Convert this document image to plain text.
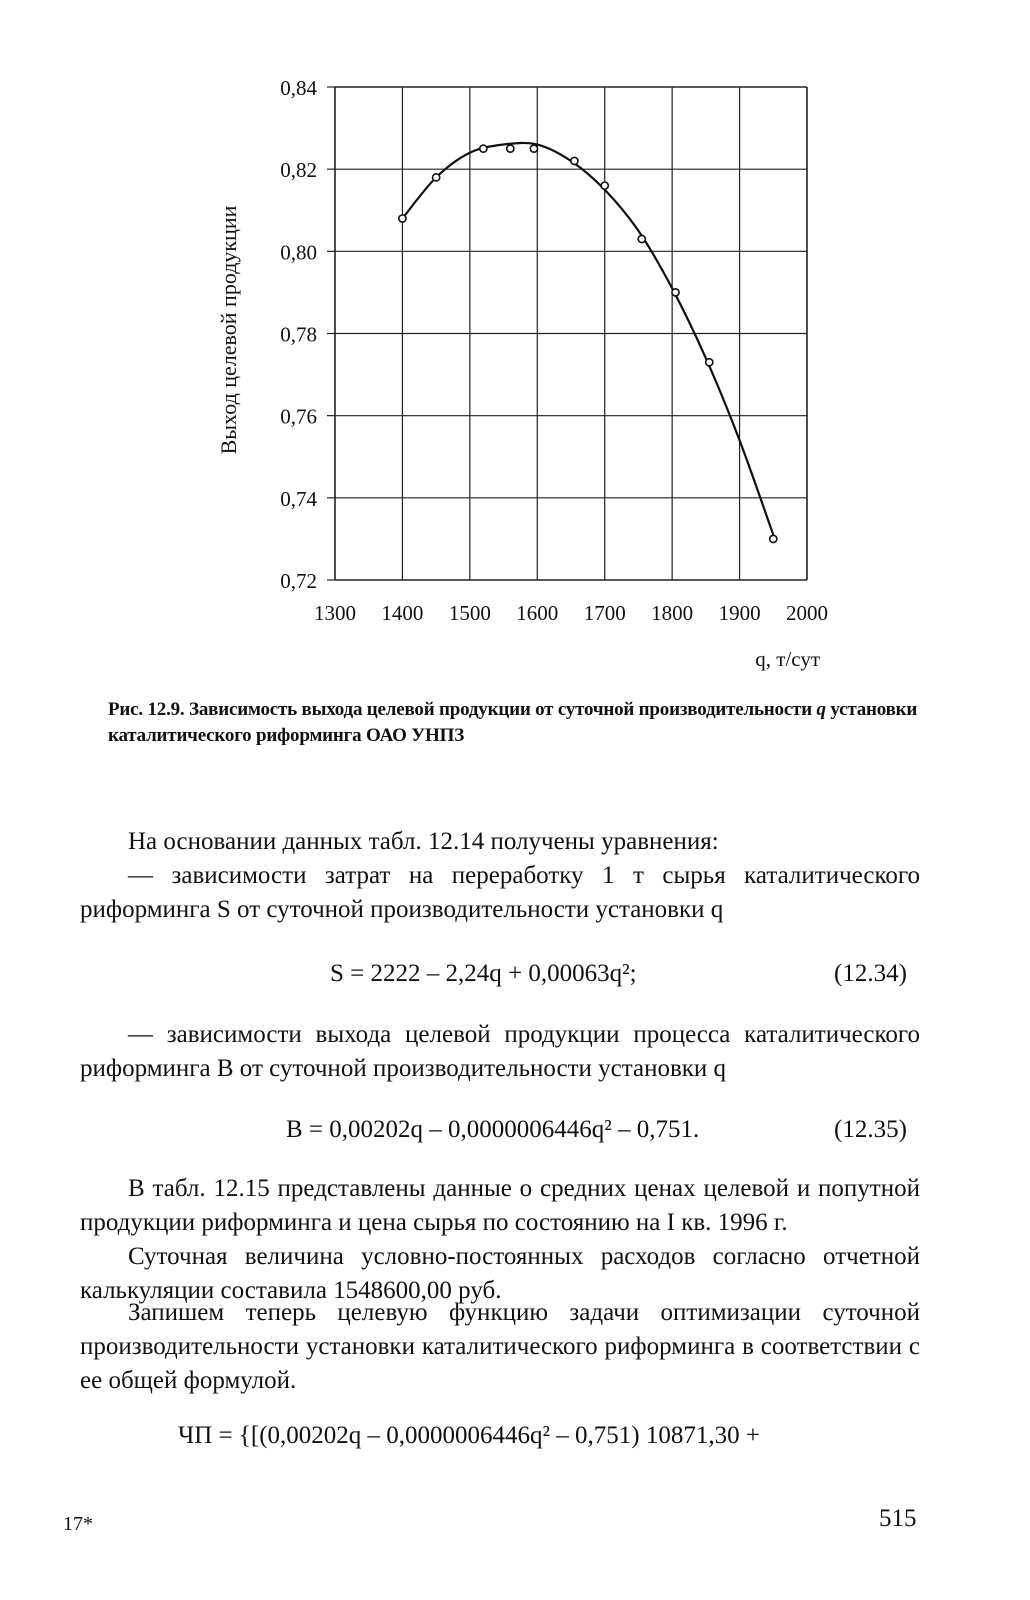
1300 1400 1500 1600 1700 1800 1900 2000
0,84
0,82
0,80
0,78
0,76
0,74
0,72
Выход целевой продукции
q, т/сут
Рис. 12.9. Зависимость выхода целевой продукции от суточной производительности q установки каталитического риформинга ОАО УНПЗ
На основании данных табл. 12.14 получены уравнения:
— зависимости затрат на переработку 1 т сырья каталитического риформинга S от суточной производительности установки q
S = 2222 – 2,24q + 0,00063q²;	(12.34)
— зависимости выхода целевой продукции процесса каталитического риформинга B от суточной производительности установки q
B = 0,00202q – 0,0000006446q² – 0,751.	(12.35)
В табл. 12.15 представлены данные о средних ценах целевой и попутной продукции риформинга и цена сырья по состоянию на I кв. 1996 г.
Суточная величина условно-постоянных расходов согласно отчетной калькуляции составила 1548600,00 руб.
Запишем теперь целевую функцию задачи оптимизации суточной производительности установки каталитического риформинга в соответствии с ее общей формулой.
ЧП = {[(0,00202q – 0,0000006446q² – 0,751) 10871,30 +
17*	515
